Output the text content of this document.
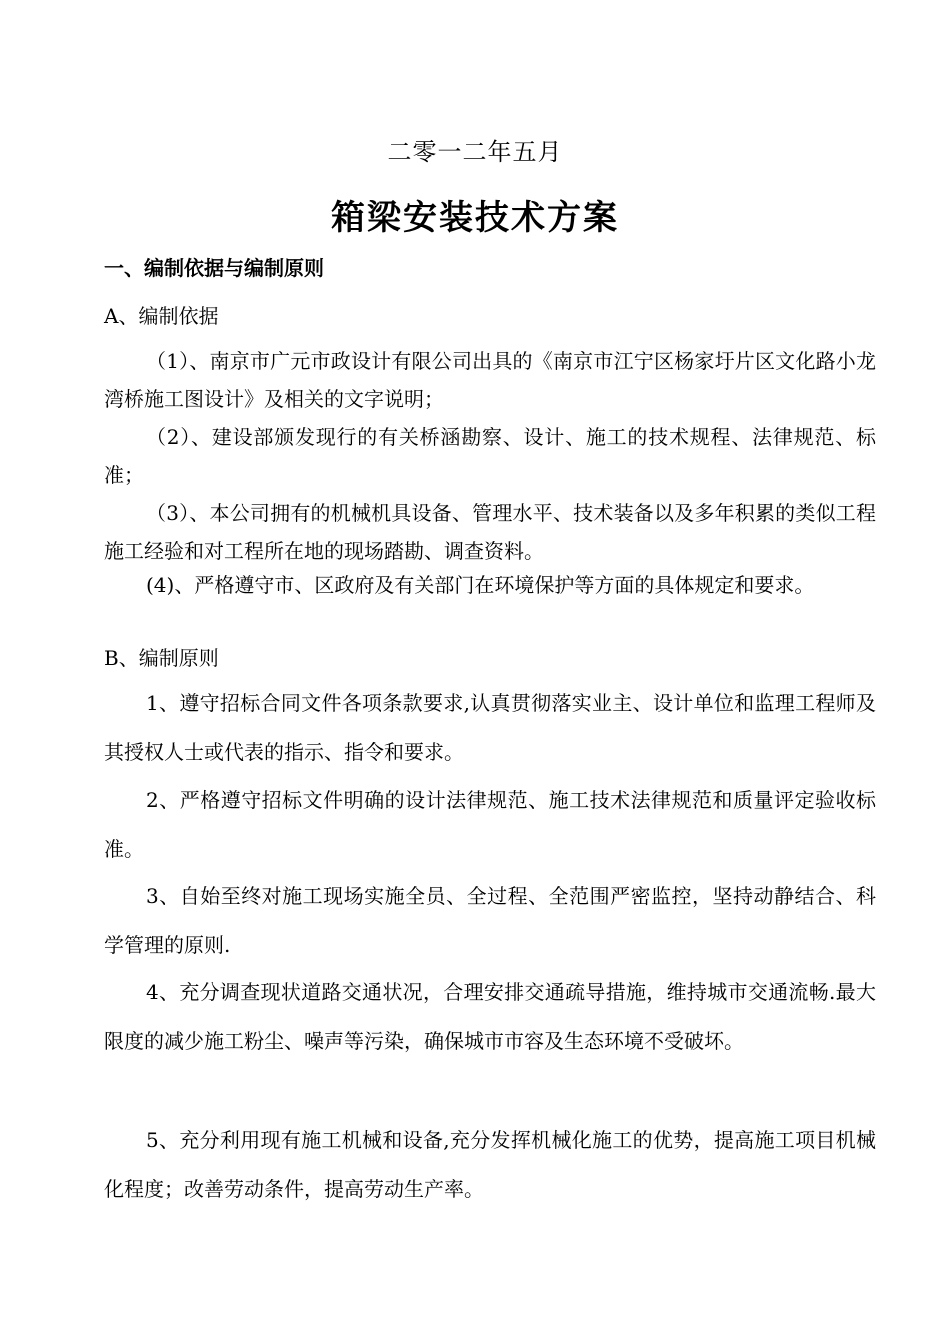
二零一二年五月
箱梁安装技术方案
一、编制依据与编制原则
A、编制依据
（1）、南京市广元市政设计有限公司出具的《南京市江宁区杨家圩片区文化路小龙湾桥施工图设计》及相关的文字说明；
（2）、建设部颁发现行的有关桥涵勘察、设计、施工的技术规程、法律规范、标准；
（3）、本公司拥有的机械机具设备、管理水平、技术装备以及多年积累的类似工程施工经验和对工程所在地的现场踏勘、调查资料。
(4)、严格遵守市、区政府及有关部门在环境保护等方面的具体规定和要求。
B、编制原则
1、遵守招标合同文件各项条款要求,认真贯彻落实业主、设计单位和监理工程师及其授权人士或代表的指示、指令和要求。
2、严格遵守招标文件明确的设计法律规范、施工技术法律规范和质量评定验收标准。
3、自始至终对施工现场实施全员、全过程、全范围严密监控，坚持动静结合、科学管理的原则.
4、充分调查现状道路交通状况，合理安排交通疏导措施，维持城市交通流畅.最大限度的减少施工粉尘、噪声等污染，确保城市市容及生态环境不受破坏。
5、充分利用现有施工机械和设备,充分发挥机械化施工的优势，提高施工项目机械化程度；改善劳动条件，提高劳动生产率。
